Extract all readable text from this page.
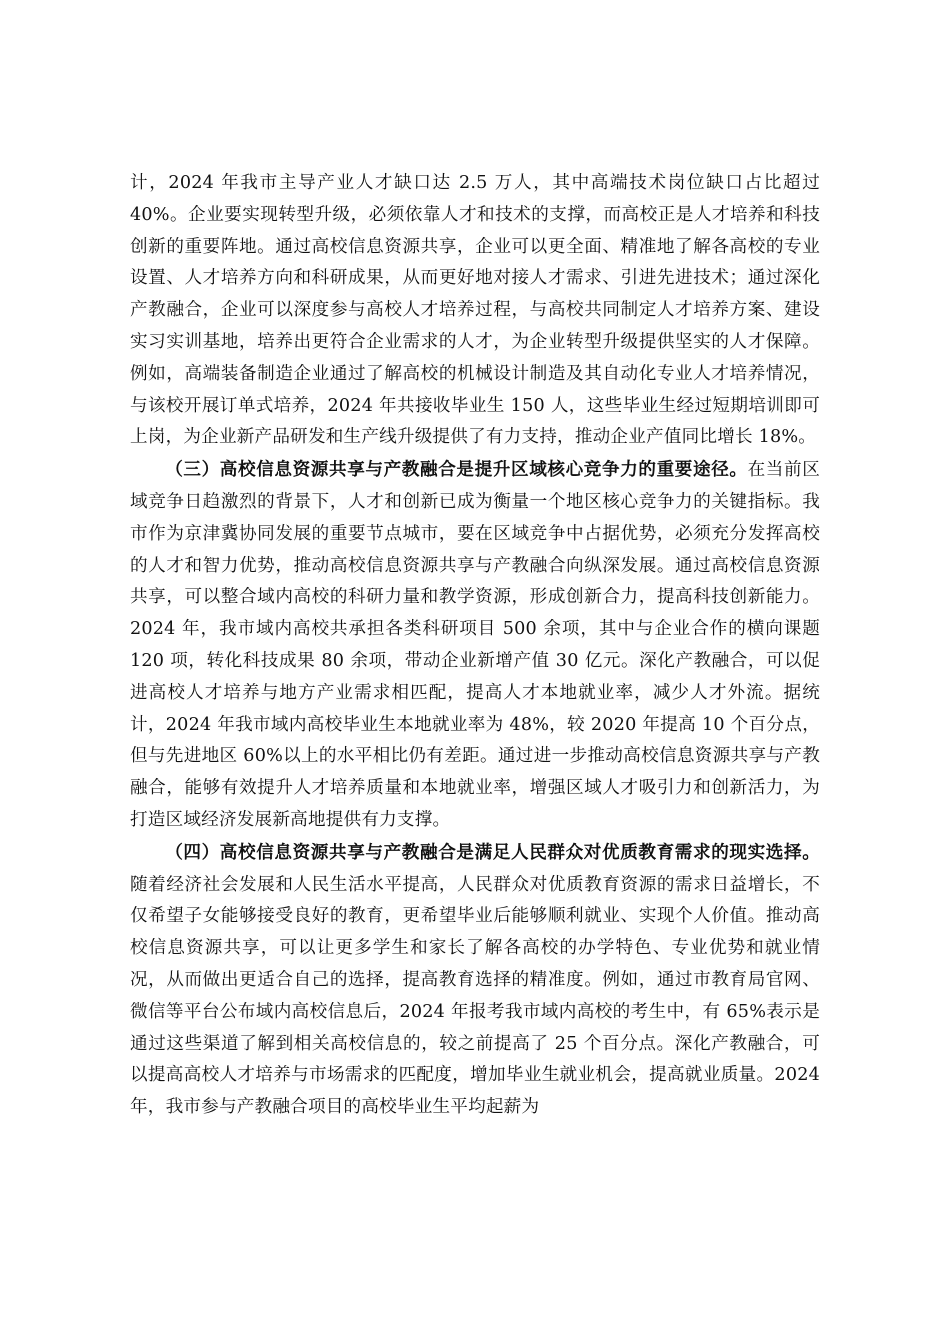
计，2024 年我市主导产业人才缺口达 2.5 万人，其中高端技术岗位缺口占比超过 40%。企业要实现转型升级，必须依靠人才和技术的支撑，而高校正是人才培养和科技创新的重要阵地。通过高校信息资源共享，企业可以更全面、精准地了解各高校的专业设置、人才培养方向和科研成果，从而更好地对接人才需求、引进先进技术；通过深化产教融合，企业可以深度参与高校人才培养过程，与高校共同制定人才培养方案、建设实习实训基地，培养出更符合企业需求的人才，为企业转型升级提供坚实的人才保障。例如，高端装备制造企业通过了解高校的机械设计制造及其自动化专业人才培养情况，与该校开展订单式培养，2024 年共接收毕业生 150 人，这些毕业生经过短期培训即可上岗，为企业新产品研发和生产线升级提供了有力支持，推动企业产值同比增长 18%。

（三）高校信息资源共享与产教融合是提升区域核心竞争力的重要途径。在当前区域竞争日趋激烈的背景下，人才和创新已成为衡量一个地区核心竞争力的关键指标。我市作为京津冀协同发展的重要节点城市，要在区域竞争中占据优势，必须充分发挥高校的人才和智力优势，推动高校信息资源共享与产教融合向纵深发展。通过高校信息资源共享，可以整合域内高校的科研力量和教学资源，形成创新合力，提高科技创新能力。2024 年，我市域内高校共承担各类科研项目 500 余项，其中与企业合作的横向课题 120 项，转化科技成果 80 余项，带动企业新增产值 30 亿元。深化产教融合，可以促进高校人才培养与地方产业需求相匹配，提高人才本地就业率，减少人才外流。据统计，2024 年我市域内高校毕业生本地就业率为 48%，较 2020 年提高 10 个百分点，但与先进地区 60%以上的水平相比仍有差距。通过进一步推动高校信息资源共享与产教融合，能够有效提升人才培养质量和本地就业率，增强区域人才吸引力和创新活力，为打造区域经济发展新高地提供有力支撑。

（四）高校信息资源共享与产教融合是满足人民群众对优质教育需求的现实选择。随着经济社会发展和人民生活水平提高，人民群众对优质教育资源的需求日益增长，不仅希望子女能够接受良好的教育，更希望毕业后能够顺利就业、实现个人价值。推动高校信息资源共享，可以让更多学生和家长了解各高校的办学特色、专业优势和就业情况，从而做出更适合自己的选择，提高教育选择的精准度。例如，通过市教育局官网、微信等平台公布域内高校信息后，2024 年报考我市域内高校的考生中，有 65%表示是通过这些渠道了解到相关高校信息的，较之前提高了 25 个百分点。深化产教融合，可以提高高校人才培养与市场需求的匹配度，增加毕业生就业机会，提高就业质量。2024 年，我市参与产教融合项目的高校毕业生平均起薪为
